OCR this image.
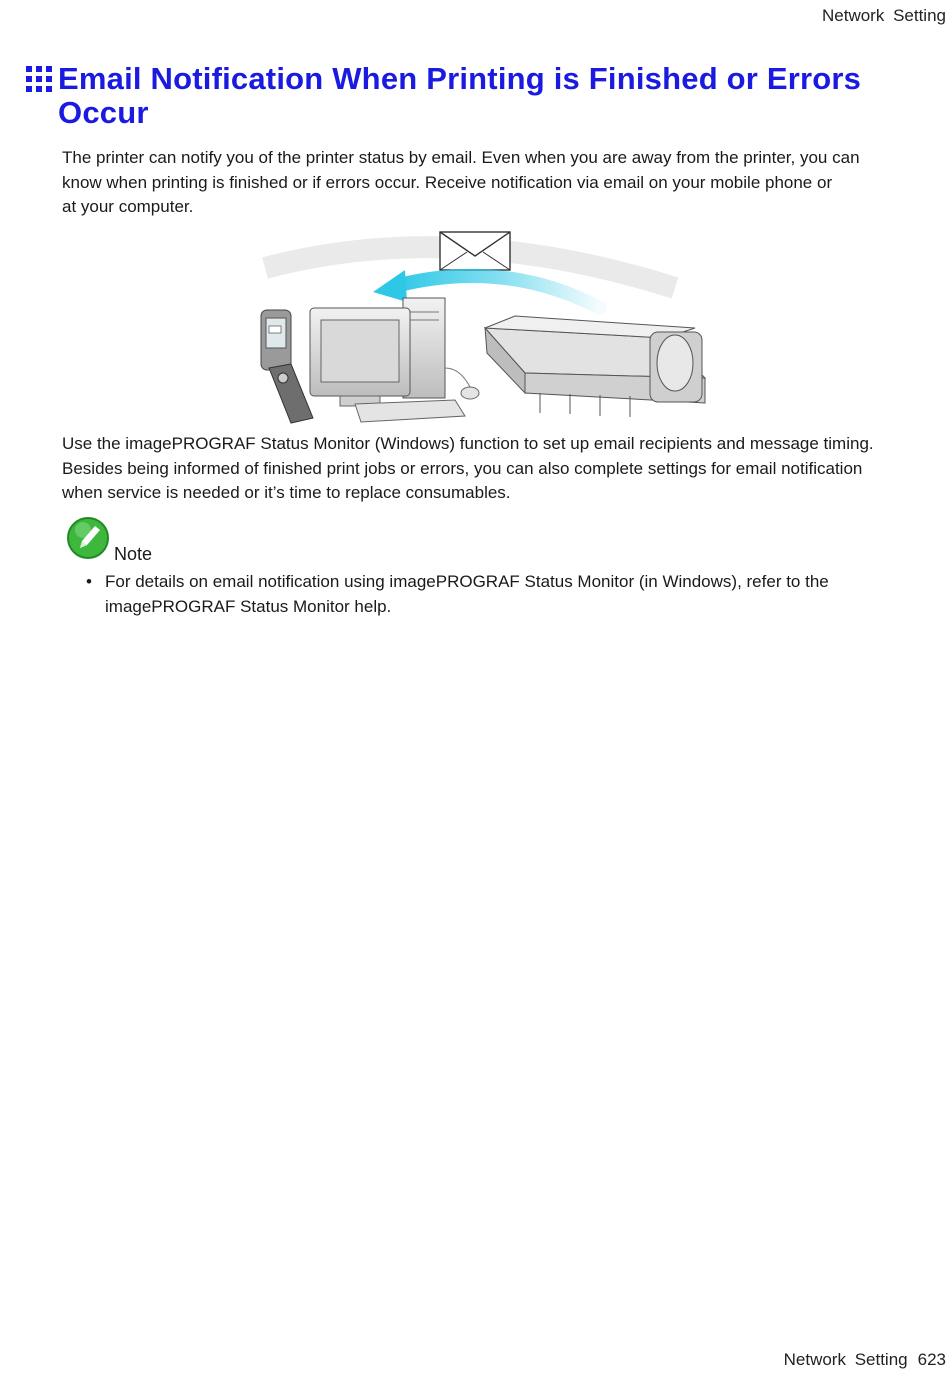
Network Setting
Email Notification When Printing is Finished or Errors
Occur
The printer can notify you of the printer status by email. Even when you are away from the printer, you can
know when printing is finished or if errors occur. Receive notification via email on your mobile phone or
at your computer.
Use the imagePROGRAF Status Monitor (Windows) function to set up email recipients and message timing.
Besides being informed of finished print jobs or errors, you can also complete settings for email notification
when service is needed or it’s time to replace consumables.
Note
• For details on email notification using imagePROGRAF Status Monitor (in Windows), refer to the
imagePROGRAF Status Monitor help.
Network Setting 623
